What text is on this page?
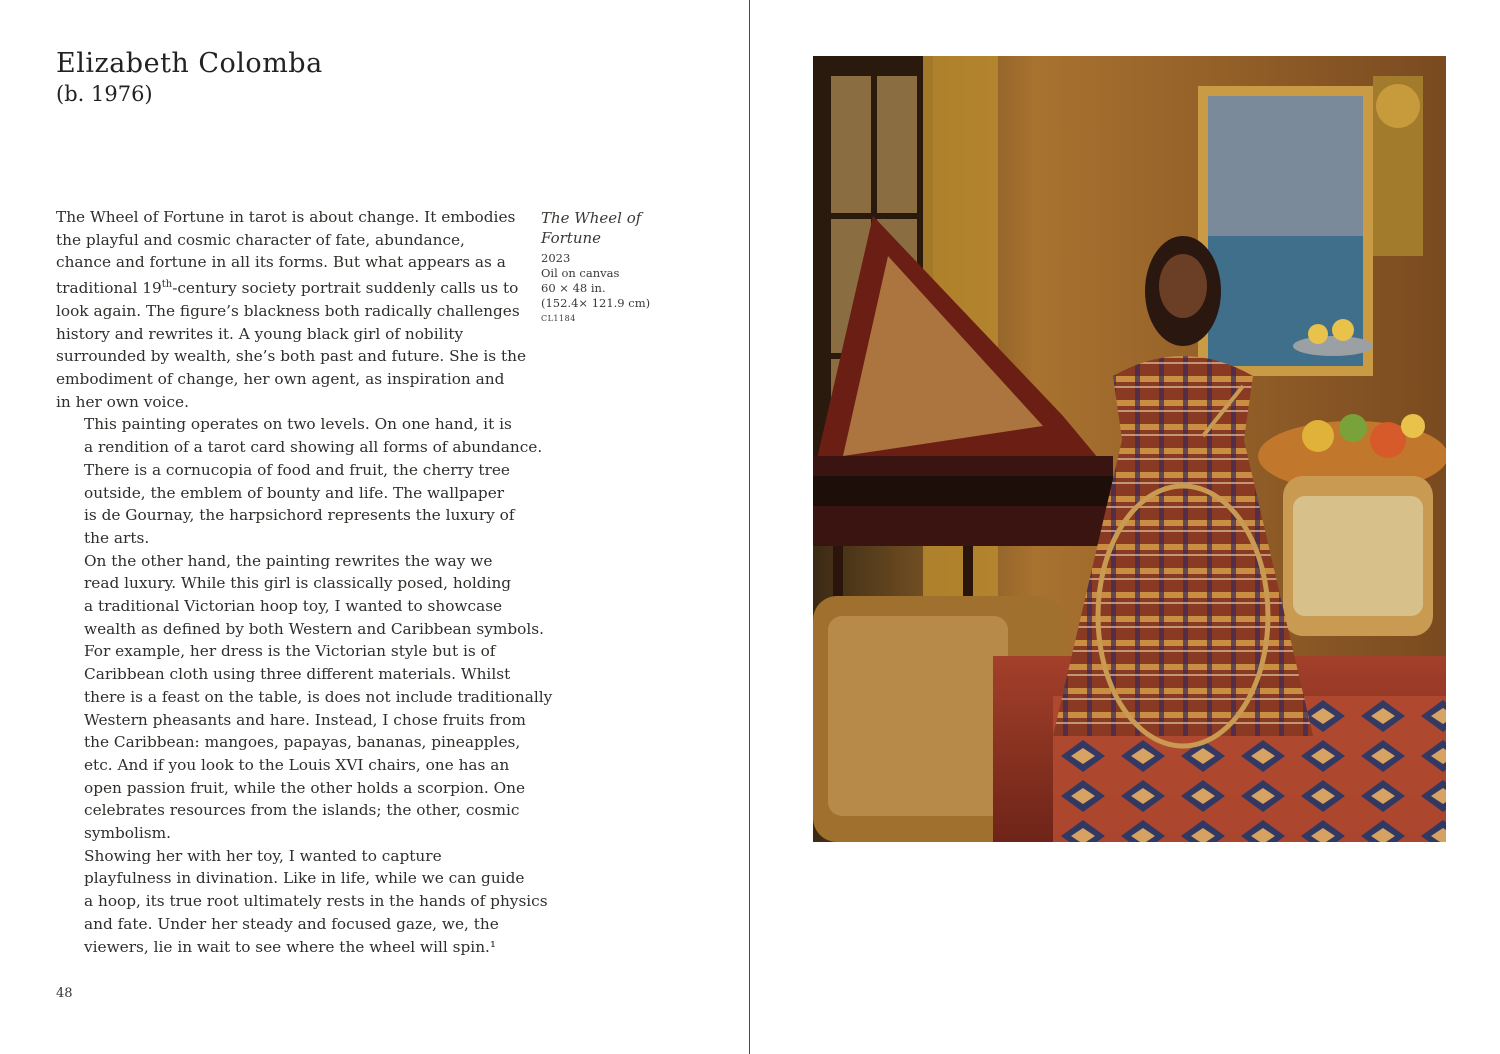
Elizabeth Colomba
(b. 1976)

The Wheel of Fortune in tarot is about change. It embodies
the playful and cosmic character of fate, abundance,
chance and fortune in all its forms. But what appears as a
traditional 19th-century society portrait suddenly calls us to
look again. The figure’s blackness both radically challenges
history and rewrites it. A young black girl of nobility
surrounded by wealth, she’s both past and future. She is the
embodiment of change, her own agent, as inspiration and
in her own voice.

This painting operates on two levels. On one hand, it is
a rendition of a tarot card showing all forms of abundance.
There is a cornucopia of food and fruit, the cherry tree
outside, the emblem of bounty and life. The wallpaper
is de Gournay, the harpsichord represents the luxury of
the arts.

On the other hand, the painting rewrites the way we
read luxury. While this girl is classically posed, holding
a traditional Victorian hoop toy, I wanted to showcase
wealth as defined by both Western and Caribbean symbols.
For example, her dress is the Victorian style but is of
Caribbean cloth using three different materials. Whilst
there is a feast on the table, is does not include traditionally
Western pheasants and hare. Instead, I chose fruits from
the Caribbean: mangoes, papayas, bananas, pineapples,
etc. And if you look to the Louis XVI chairs, one has an
open passion fruit, while the other holds a scorpion. One
celebrates resources from the islands; the other, cosmic
symbolism.

Showing her with her toy, I wanted to capture
playfulness in divination. Like in life, while we can guide
a hoop, its true root ultimately rests in the hands of physics
and fate. Under her steady and focused gaze, we, the
viewers, lie in wait to see where the wheel will spin.¹

The Wheel of
Fortune
2023
Oil on canvas
60 × 48 in.
(152.4× 121.9 cm)
CL1184
48
